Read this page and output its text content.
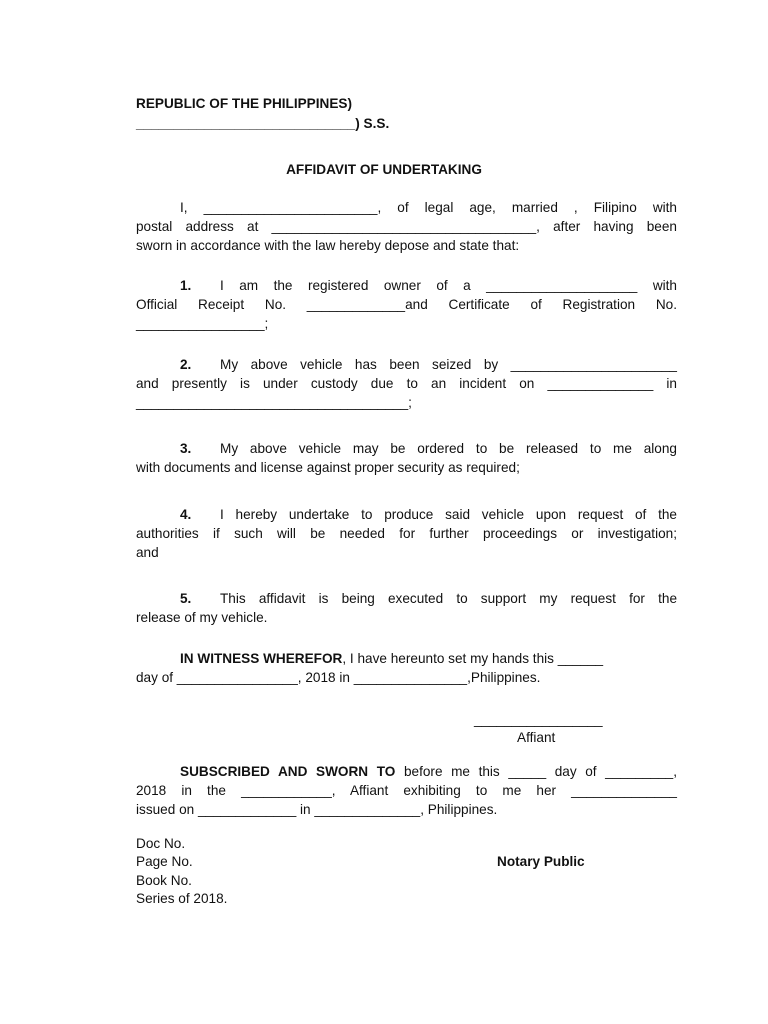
REPUBLIC OF THE PHILIPPINES)
_____________________________) S.S.
AFFIDAVIT OF UNDERTAKING
I, _______________________, of legal age, married , Filipino with
postal address at ___________________________________, after having been
sworn in accordance with the law hereby depose and state that:
1. I am the registered owner of a ____________________ with
Official Receipt No. _____________and Certificate of Registration No.
_________________;
2. My above vehicle has been seized by ______________________
and presently is under custody due to an incident on ______________ in
____________________________________;
3. My above vehicle may be ordered to be released to me along
with documents and license against proper security as required;
4. I hereby undertake to produce said vehicle upon request of the
authorities if such will be needed for further proceedings or investigation;
and
5. This affidavit is being executed to support my request for the
release of my vehicle.
IN WITNESS WHEREFOR, I have hereunto set my hands this ______
day of ________________, 2018 in _______________,Philippines.
_________________
Affiant
SUBSCRIBED AND SWORN TO before me this _____ day of _________,
2018 in the ____________, Affiant exhibiting to me her ______________
issued on _____________ in ______________, Philippines.
Doc No.
Page No.
Book No.
Series of 2018.
Notary Public
